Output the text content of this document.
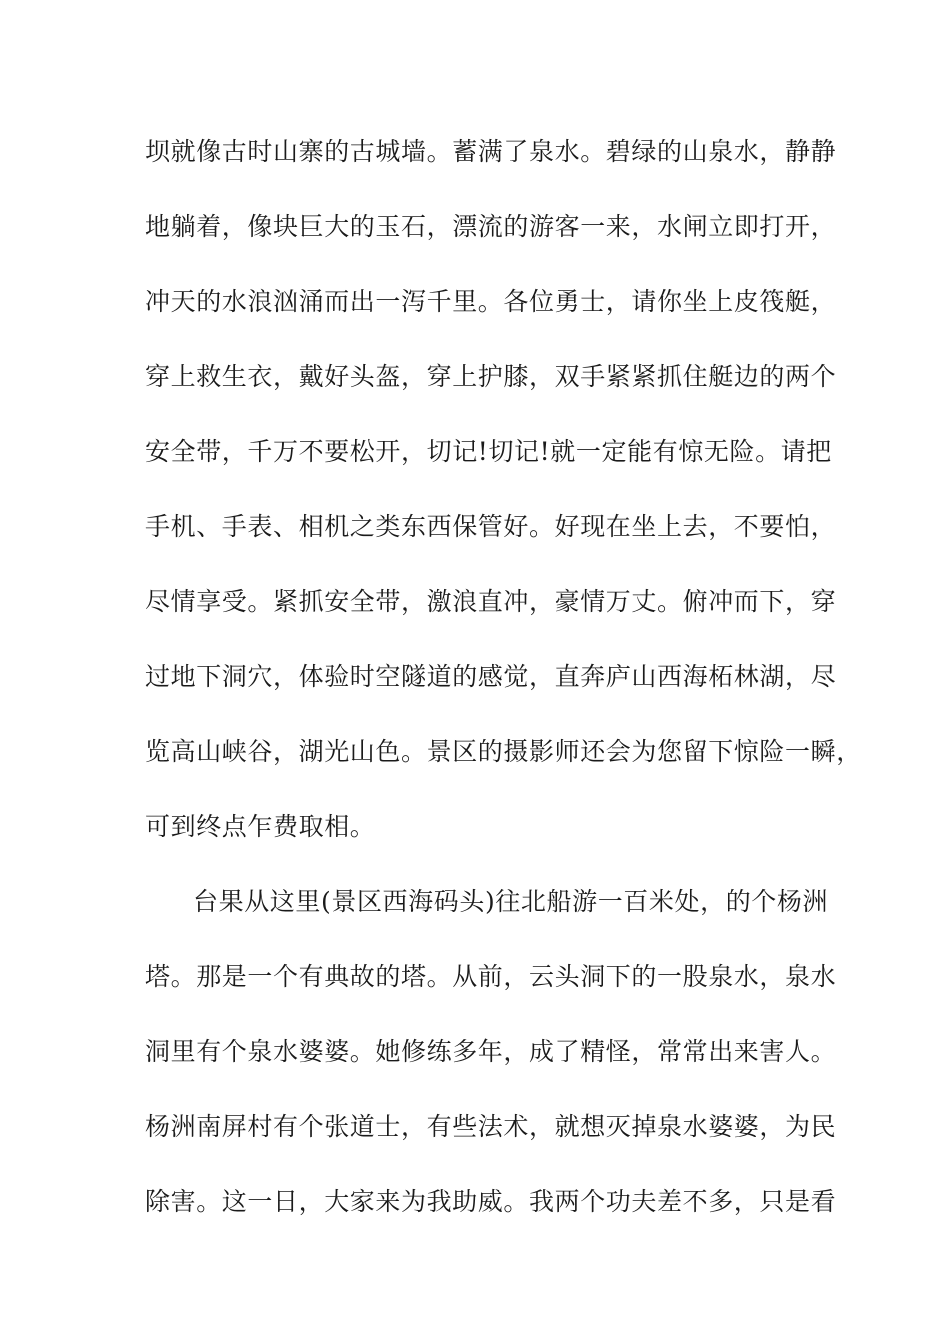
坝就像古时山寨的古城墙。蓄满了泉水。碧绿的山泉水，静静
地躺着，像块巨大的玉石，漂流的游客一来，水闸立即打开，
冲天的水浪汹涌而出一泻千里。各位勇士，请你坐上皮筏艇，
穿上救生衣，戴好头盔，穿上护膝，双手紧紧抓住艇边的两个
安全带，千万不要松开，切记!切记!就一定能有惊无险。请把
手机、手表、相机之类东西保管好。好现在坐上去，不要怕，
尽情享受。紧抓安全带，激浪直冲，豪情万丈。俯冲而下，穿
过地下洞穴，体验时空隧道的感觉，直奔庐山西海柘林湖，尽
览高山峡谷，湖光山色。景区的摄影师还会为您留下惊险一瞬，
可到终点乍费取相。
台果从这里(景区西海码头)往北船游一百米处，的个杨洲
塔。那是一个有典故的塔。从前，云头洞下的一股泉水，泉水
洞里有个泉水婆婆。她修练多年，成了精怪，常常出来害人。
杨洲南屏村有个张道士，有些法术，就想灭掉泉水婆婆，为民
除害。这一日，大家来为我助威。我两个功夫差不多，只是看
